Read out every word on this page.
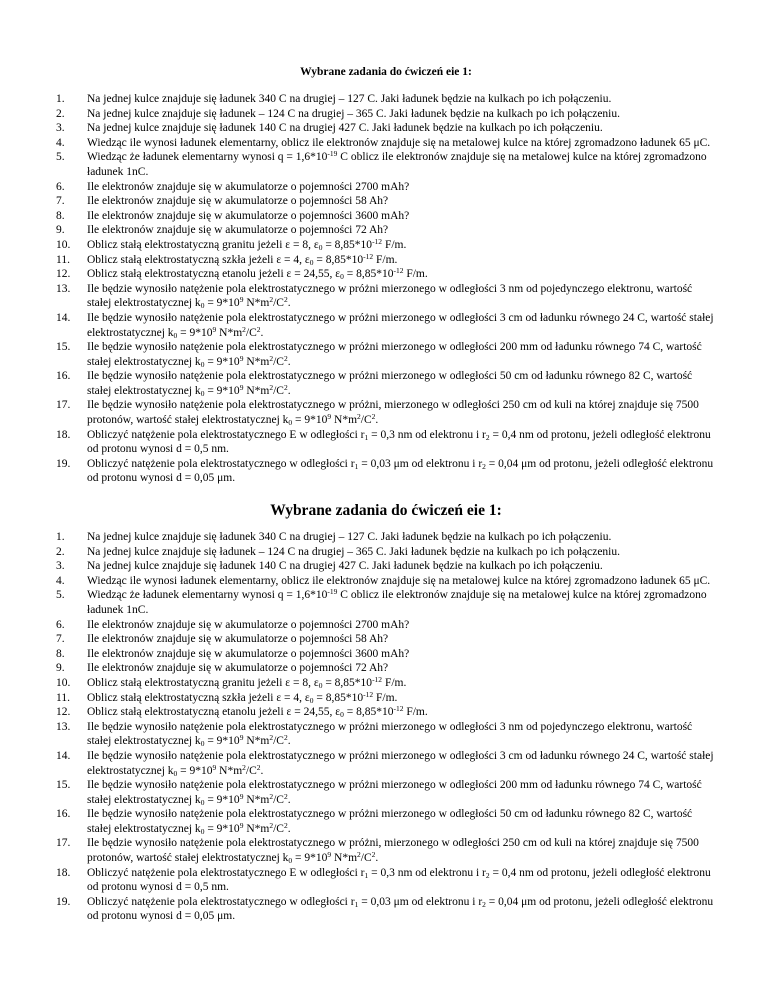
Wybrane zadania do ćwiczeń eie 1:
1. Na jednej kulce znajduje się ładunek 340 C na drugiej – 127 C. Jaki ładunek będzie na kulkach po ich połączeniu.
2. Na jednej kulce znajduje się ładunek – 124 C na drugiej – 365 C. Jaki ładunek będzie na kulkach po ich połączeniu.
3. Na jednej kulce znajduje się ładunek 140 C na drugiej 427 C. Jaki ładunek będzie na kulkach po ich połączeniu.
4. Wiedząc ile wynosi ładunek elementarny, oblicz ile elektronów znajduje się na metalowej kulce na której zgromadzono ładunek 65 μC.
5. Wiedząc że ładunek elementarny wynosi $q = 1,6*10^{-19}$ C oblicz ile elektronów znajduje się na metalowej kulce na której zgromadzono ładunek 1nC.
6. Ile elektronów znajduje się w akumulatorze o pojemności 2700 mAh?
7. Ile elektronów znajduje się w akumulatorze o pojemności 58 Ah?
8. Ile elektronów znajduje się w akumulatorze o pojemności 3600 mAh?
9. Ile elektronów znajduje się w akumulatorze o pojemności 72 Ah?
10. Oblicz stałą elektrostatyczną granitu jeżeli ε = 8, $\varepsilon_0 = 8,85*10^{-12}$ F/m.
11. Oblicz stałą elektrostatyczną szkła jeżeli ε = 4, $\varepsilon_0 = 8,85*10^{-12}$ F/m.
12. Oblicz stałą elektrostatyczną etanolu jeżeli ε = 24,55, $\varepsilon_0 = 8,85*10^{-12}$ F/m.
13. Ile będzie wynosiło natężenie pola elektrostatycznego w próżni mierzonego w odległości 3 nm od pojedynczego elektronu, wartość stałej elektrostatycznej $k_0 = 9*10^9$ $N*m^2/C^2$.
14. Ile będzie wynosiło natężenie pola elektrostatycznego w próżni mierzonego w odległości 3 cm od ładunku równego 24 C, wartość stałej elektrostatycznej $k_0 = 9*10^9$ $N*m^2/C^2$.
15. Ile będzie wynosiło natężenie pola elektrostatycznego w próżni mierzonego w odległości 200 mm od ładunku równego 74 C, wartość stałej elektrostatycznej $k_0 = 9*10^9$ $N*m^2/C^2$.
16. Ile będzie wynosiło natężenie pola elektrostatycznego w próżni mierzonego w odległości 50 cm od ładunku równego 82 C, wartość stałej elektrostatycznej $k_0 = 9*10^9$ $N*m^2/C^2$.
17. Ile będzie wynosiło natężenie pola elektrostatycznego w próżni, mierzonego w odległości 250 cm od kuli na której znajduje się 7500 protonów, wartość stałej elektrostatycznej $k_0 = 9*10^9$ $N*m^2/C^2$.
18. Obliczyć natężenie pola elektrostatycznego E w odległości $r_1 = 0,3$ nm od elektronu i $r_2 = 0,4$ nm od protonu, jeżeli odległość elektronu od protonu wynosi d = 0,5 nm.
19. Obliczyć natężenie pola elektrostatycznego w odległości $r_1 = 0,03$ μm od elektronu i $r_2 = 0,04$ μm od protonu, jeżeli odległość elektronu od protonu wynosi d = 0,05 μm.
Wybrane zadania do ćwiczeń eie 1:
1. Na jednej kulce znajduje się ładunek 340 C na drugiej – 127 C. Jaki ładunek będzie na kulkach po ich połączeniu.
2. Na jednej kulce znajduje się ładunek – 124 C na drugiej – 365 C. Jaki ładunek będzie na kulkach po ich połączeniu.
3. Na jednej kulce znajduje się ładunek 140 C na drugiej 427 C. Jaki ładunek będzie na kulkach po ich połączeniu.
4. Wiedząc ile wynosi ładunek elementarny, oblicz ile elektronów znajduje się na metalowej kulce na której zgromadzono ładunek 65 μC.
5. Wiedząc że ładunek elementarny wynosi $q = 1,6*10^{-19}$ C oblicz ile elektronów znajduje się na metalowej kulce na której zgromadzono ładunek 1nC.
6. Ile elektronów znajduje się w akumulatorze o pojemności 2700 mAh?
7. Ile elektronów znajduje się w akumulatorze o pojemności 58 Ah?
8. Ile elektronów znajduje się w akumulatorze o pojemności 3600 mAh?
9. Ile elektronów znajduje się w akumulatorze o pojemności 72 Ah?
10. Oblicz stałą elektrostatyczną granitu jeżeli ε = 8, $\varepsilon_0 = 8,85*10^{-12}$ F/m.
11. Oblicz stałą elektrostatyczną szkła jeżeli ε = 4, $\varepsilon_0 = 8,85*10^{-12}$ F/m.
12. Oblicz stałą elektrostatyczną etanolu jeżeli ε = 24,55, $\varepsilon_0 = 8,85*10^{-12}$ F/m.
13. Ile będzie wynosiło natężenie pola elektrostatycznego w próżni mierzonego w odległości 3 nm od pojedynczego elektronu, wartość stałej elektrostatycznej $k_0 = 9*10^9$ $N*m^2/C^2$.
14. Ile będzie wynosiło natężenie pola elektrostatycznego w próżni mierzonego w odległości 3 cm od ładunku równego 24 C, wartość stałej elektrostatycznej $k_0 = 9*10^9$ $N*m^2/C^2$.
15. Ile będzie wynosiło natężenie pola elektrostatycznego w próżni mierzonego w odległości 200 mm od ładunku równego 74 C, wartość stałej elektrostatycznej $k_0 = 9*10^9$ $N*m^2/C^2$.
16. Ile będzie wynosiło natężenie pola elektrostatycznego w próżni mierzonego w odległości 50 cm od ładunku równego 82 C, wartość stałej elektrostatycznej $k_0 = 9*10^9$ $N*m^2/C^2$.
17. Ile będzie wynosiło natężenie pola elektrostatycznego w próżni, mierzonego w odległości 250 cm od kuli na której znajduje się 7500 protonów, wartość stałej elektrostatycznej $k_0 = 9*10^9$ $N*m^2/C^2$.
18. Obliczyć natężenie pola elektrostatycznego E w odległości $r_1 = 0,3$ nm od elektronu i $r_2 = 0,4$ nm od protonu, jeżeli odległość elektronu od protonu wynosi d = 0,5 nm.
19. Obliczyć natężenie pola elektrostatycznego w odległości $r_1 = 0,03$ μm od elektronu i $r_2 = 0,04$ μm od protonu, jeżeli odległość elektronu od protonu wynosi d = 0,05 μm.
